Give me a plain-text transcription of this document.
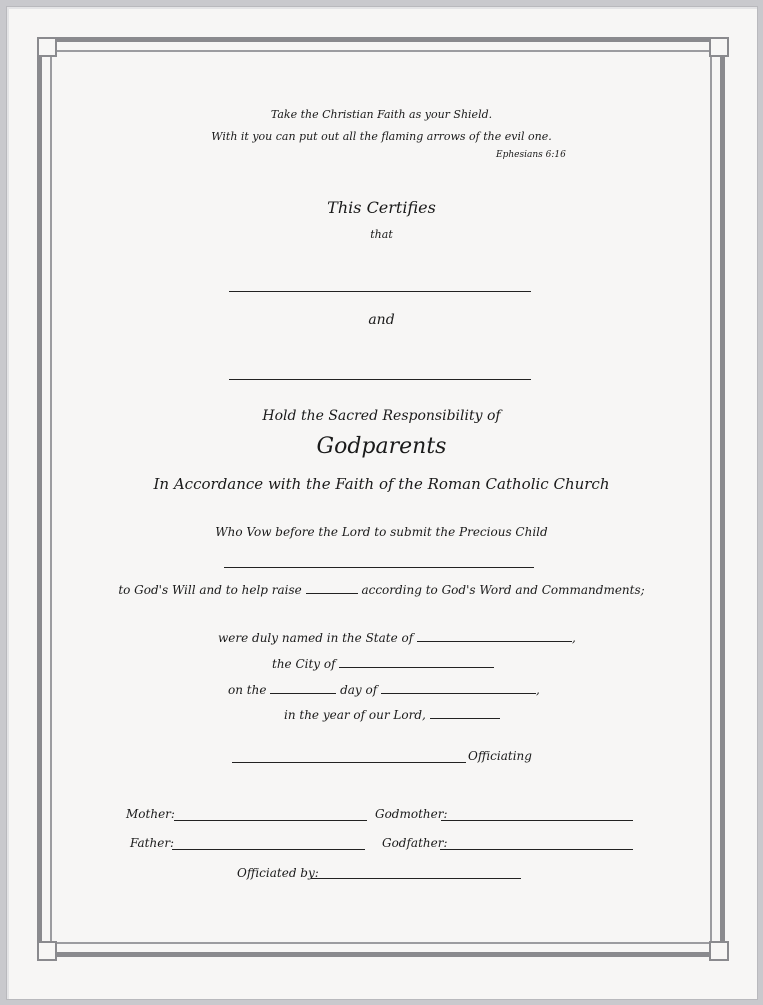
Take the Christian Faith as your Shield.
With it you can put out all the flaming arrows of the evil one.
Ephesians 6:16
This Certifies
that
and
Hold the Sacred Responsibility of
Godparents
In Accordance with the Faith of the Roman Catholic Church
Who Vow before the Lord to submit the Precious Child
to God's Will and to help raise	according to God's Word and Commandments;
were duly named in the State of	,
the City of
on the	day of	,
in the year of our Lord,
Officiating
Mother:	Godmother:
Father:	Godfather:
Officiated by:
